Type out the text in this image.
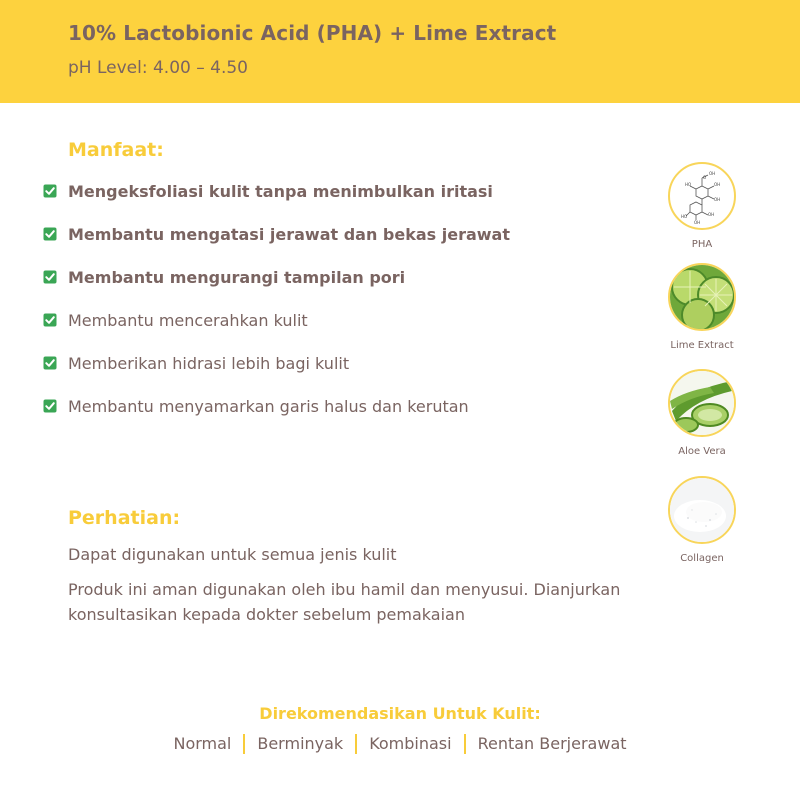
10% Lactobionic Acid (PHA) + Lime Extract
pH Level: 4.00 – 4.50
Manfaat:
Mengeksfoliasi kulit tanpa menimbulkan iritasi
Membantu mengatasi jerawat dan bekas jerawat
Membantu mengurangi tampilan pori
Membantu mencerahkan kulit
Memberikan hidrasi lebih bagi kulit
Membantu menyamarkan garis halus dan kerutan
OH
O
OH
OH
HO
OH
HO
OH
PHA
Lime Extract
Aloe Vera
Collagen
Perhatian:
Dapat digunakan untuk semua jenis kulit
Produk ini aman digunakan oleh ibu hamil dan menyusui. Dianjurkan konsultasikan kepada dokter sebelum pemakaian
Direkomendasikan Untuk Kulit:
Normal	Berminyak	Kombinasi	Rentan Berjerawat
